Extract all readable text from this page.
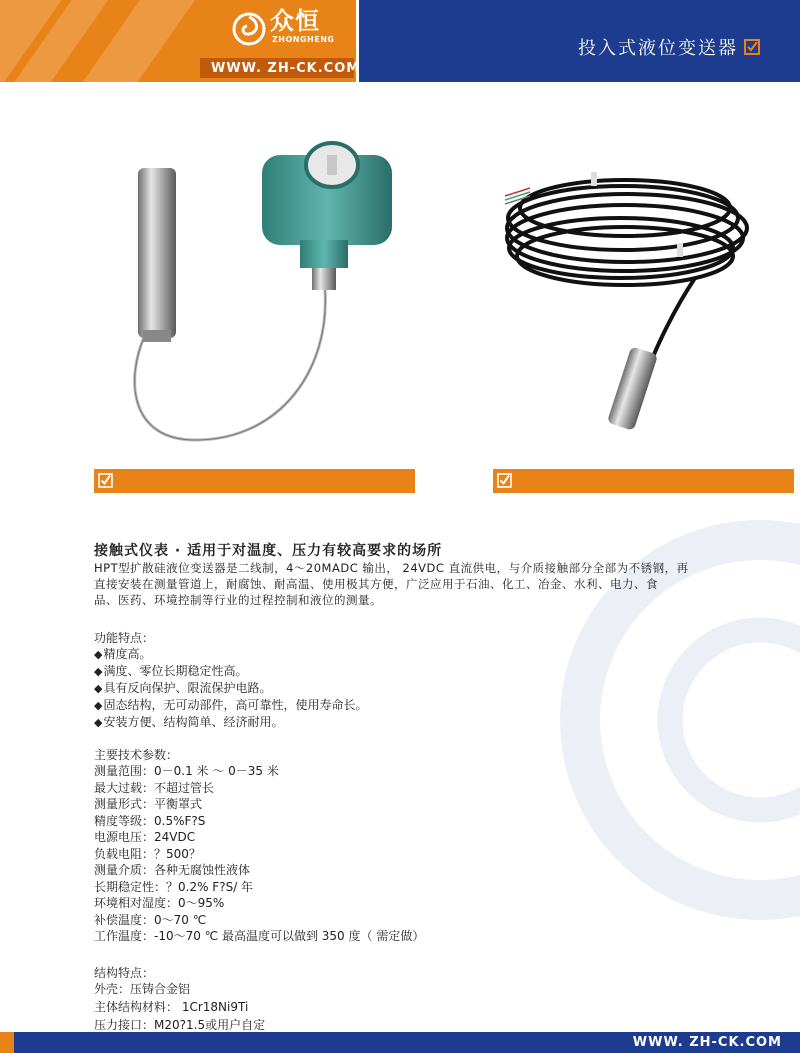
众恒
ZHONGHENG
WWW. ZH-CK.COM
投入式液位变送器
接触式仪表 · 适用于对温度、压力有较高要求的场所
HPT型扩散硅液位变送器是二线制，4～20MADC 输出， 24VDC 直流供电，与介质接触部分全部为不锈钢，再
直接安装在测量管道上，耐腐蚀、耐高温、使用极其方便，广泛应用于石油、化工、冶金、水利、电力、食
品、医药、环境控制等行业的过程控制和液位的测量。
功能特点：
◆ 精度高。
◆ 满度、零位长期稳定性高。
◆ 具有反向保护、限流保护电路。
◆ 固态结构，无可动部件，高可靠性，使用寿命长。
◆ 安装方便、结构简单、经济耐用。
主要技术参数：
测量范围：0－0.1 米 ～ 0－35 米
最大过载：不超过管长
测量形式：平衡罩式
精度等级：0.5%F?S
电源电压：24VDC
负载电阻：？500？
测量介质：各种无腐蚀性液体
长期稳定性：？0.2% F?S/ 年
环境相对湿度：0～95%
补偿温度：0～70 ℃
工作温度：-10～70 ℃ 最高温度可以做到 350 度（ 需定做）
结构特点：
外壳：压铸合金铝
主体结构材料： 1Cr18Ni9Ti
压力接口：M20?1.5或用户自定
WWW. ZH-CK.COM
